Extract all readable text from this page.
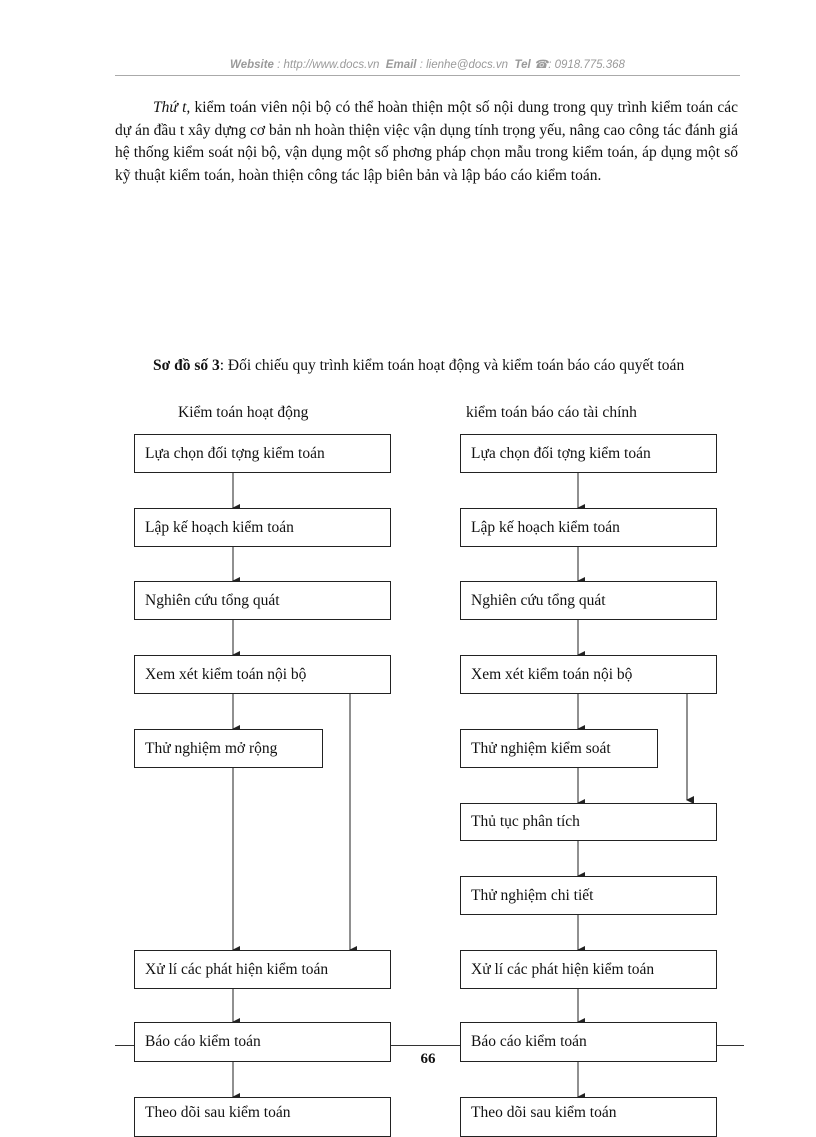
Website : http://www.docs.vn Email : lienhe@docs.vn Tel ☎: 0918.775.368
Thứ t, kiểm toán viên nội bộ có thể hoàn thiện một số nội dung trong quy trình kiểm toán các dự án đầu t xây dựng cơ bản nh hoàn thiện việc vận dụng tính trọng yếu, nâng cao công tác đánh giá hệ thống kiểm soát nội bộ, vận dụng một số phơng pháp chọn mẫu trong kiểm toán, áp dụng một số kỹ thuật kiểm toán, hoàn thiện công tác lập biên bản và lập báo cáo kiểm toán.
Sơ đồ số 3: Đối chiếu quy trình kiểm toán hoạt động và kiểm toán báo cáo quyết toán
Kiểm toán hoạt động	kiểm toán báo cáo tài chính
Lựa chọn đối tợng kiểm toán
Lập kế hoạch kiểm toán
Nghiên cứu tổng quát
Xem xét kiểm toán nội bộ
Thử nghiệm mở rộng
Xử lí các phát hiện kiểm toán
Báo cáo kiểm toán
Theo dõi sau kiểm toán
Lựa chọn đối tợng kiểm toán
Lập kế hoạch kiểm toán
Nghiên cứu tổng quát
Xem xét kiểm toán nội bộ
Thử nghiệm kiểm soát
Thủ tục phân tích
Thử nghiệm chi tiết
Xử lí các phát hiện kiểm toán
Báo cáo kiểm toán
Theo dõi sau kiểm toán
66
